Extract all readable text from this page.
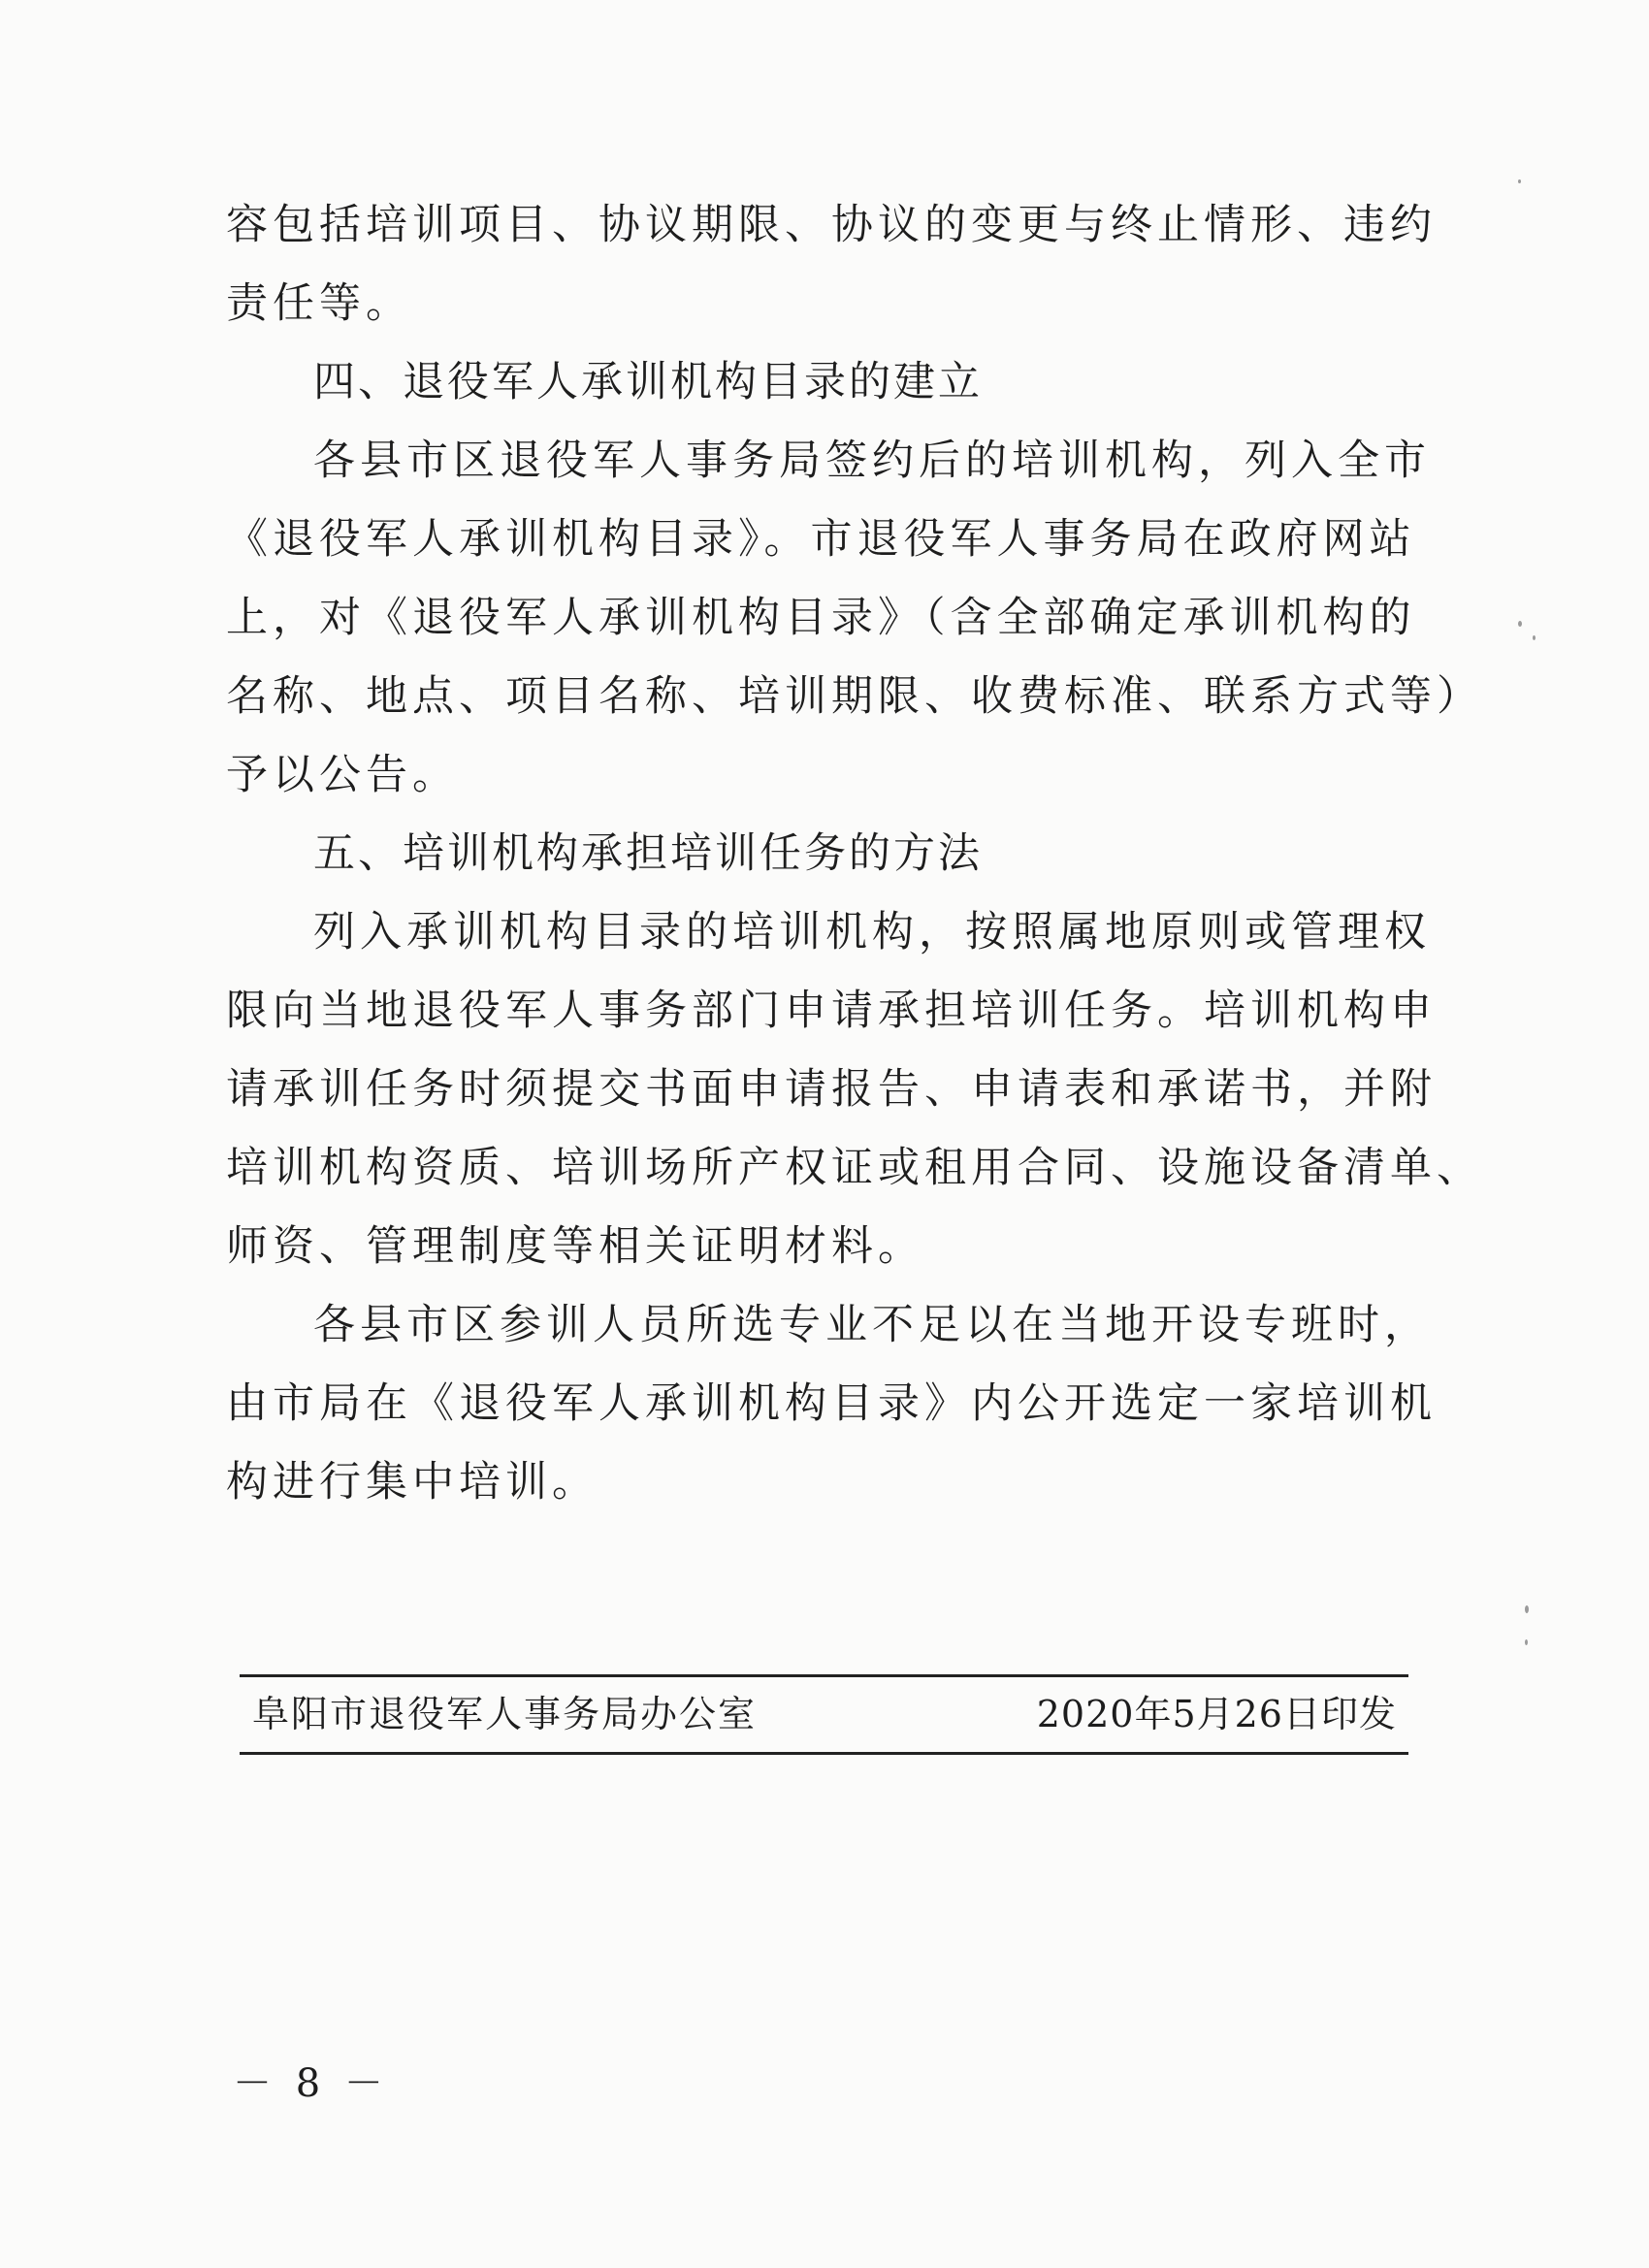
容包括培训项目、协议期限、协议的变更与终止情形、违约
责任等。
四、退役军人承训机构目录的建立
各县市区退役军人事务局签约后的培训机构，列入全市
《退役军人承训机构目录》。市退役军人事务局在政府网站
上，对《退役军人承训机构目录》（含全部确定承训机构的
名称、地点、项目名称、培训期限、收费标准、联系方式等）
予以公告。
五、培训机构承担培训任务的方法
列入承训机构目录的培训机构，按照属地原则或管理权
限向当地退役军人事务部门申请承担培训任务。培训机构申
请承训任务时须提交书面申请报告、申请表和承诺书，并附
培训机构资质、培训场所产权证或租用合同、设施设备清单、
师资、管理制度等相关证明材料。
各县市区参训人员所选专业不足以在当地开设专班时，
由市局在《退役军人承训机构目录》内公开选定一家培训机
构进行集中培训。
阜阳市退役军人事务局办公室	2020年5月26日印发
－ 8 －
